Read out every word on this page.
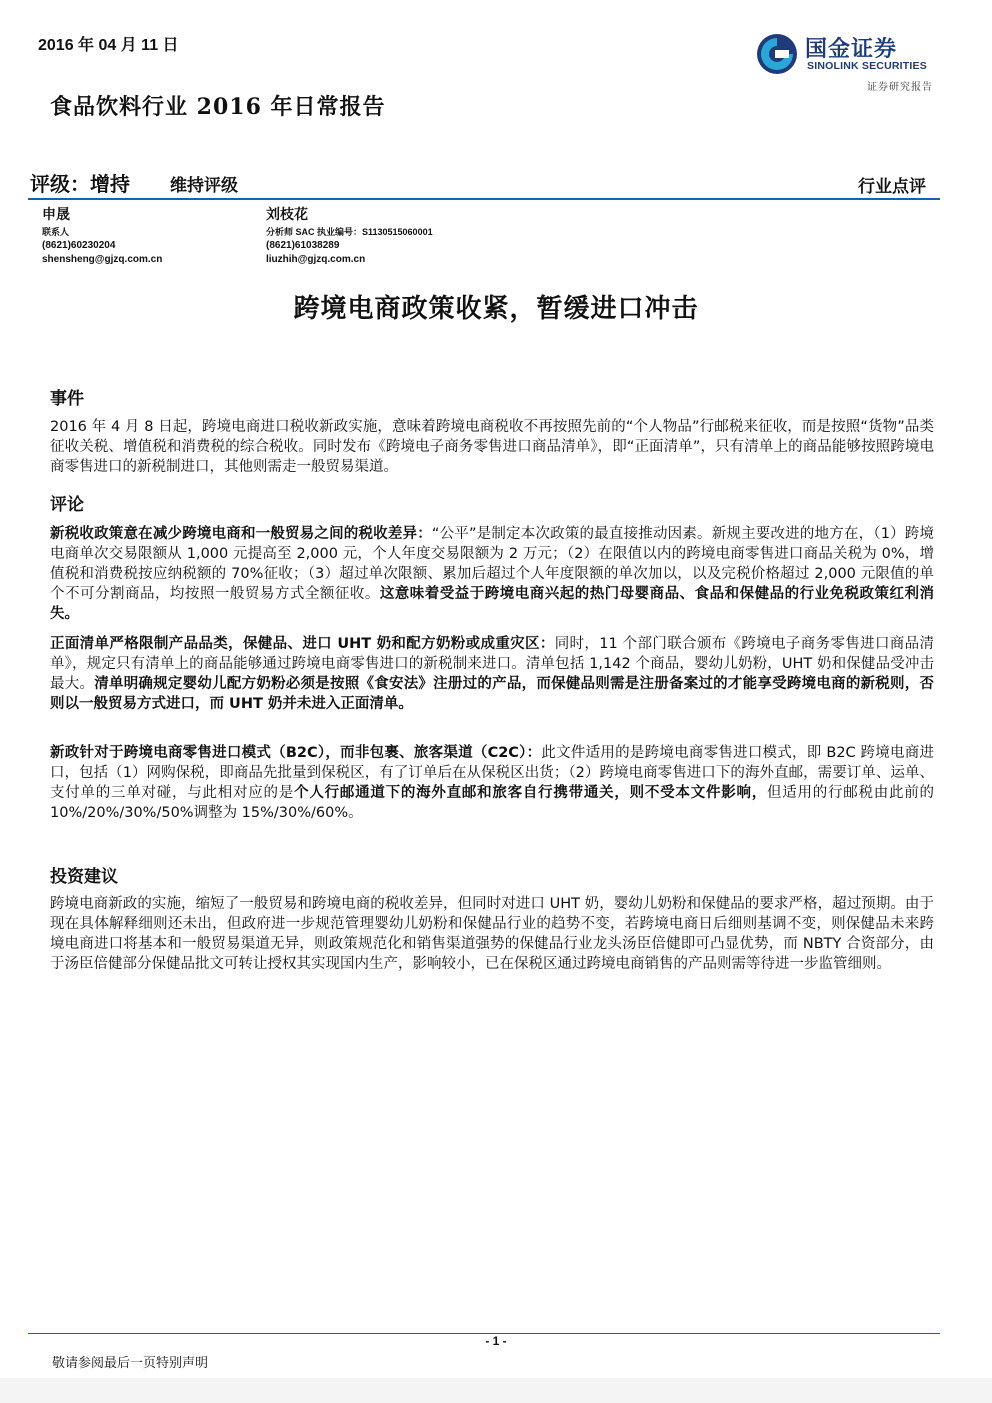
2016 年 04 月 11 日
食品饮料行业 2016 年日常报告
国金证券
SINOLINK SECURITIES
证券研究报告
评级：增持 维持评级	行业点评
申晟
联系人
(8621)60230204
shensheng@gjzq.com.cn
刘枝花
分析师 SAC 执业编号：S1130515060001
(8621)61038289
liuzhih@gjzq.com.cn
跨境电商政策收紧，暂缓进口冲击
事件
2016 年 4 月 8 日起，跨境电商进口税收新政实施，意味着跨境电商税收不再按照先前的“个人物品”行邮税来征收，而是按照“货物”品类征收关税、增值税和消费税的综合税收。同时发布《跨境电子商务零售进口商品清单》，即“正面清单”，只有清单上的商品能够按照跨境电商零售进口的新税制进口，其他则需走一般贸易渠道。
评论
新税收政策意在减少跨境电商和一般贸易之间的税收差异：“公平”是制定本次政策的最直接推动因素。新规主要改进的地方在，（1）跨境电商单次交易限额从 1,000 元提高至 2,000 元，个人年度交易限额为 2 万元；（2）在限值以内的跨境电商零售进口商品关税为 0%，增值税和消费税按应纳税额的 70%征收；（3）超过单次限额、累加后超过个人年度限额的单次加以，以及完税价格超过 2,000 元限值的单个不可分割商品，均按照一般贸易方式全额征收。这意味着受益于跨境电商兴起的热门母婴商品、食品和保健品的行业免税政策红利消失。
正面清单严格限制产品品类，保健品、进口 UHT 奶和配方奶粉或成重灾区：同时，11 个部门联合颁布《跨境电子商务零售进口商品清单》，规定只有清单上的商品能够通过跨境电商零售进口的新税制来进口。清单包括 1,142 个商品，婴幼儿奶粉，UHT 奶和保健品受冲击最大。清单明确规定婴幼儿配方奶粉必须是按照《食安法》注册过的产品，而保健品则需是注册备案过的才能享受跨境电商的新税则，否则以一般贸易方式进口，而 UHT 奶并未进入正面清单。
新政针对于跨境电商零售进口模式（B2C），而非包裹、旅客渠道（C2C）：此文件适用的是跨境电商零售进口模式，即 B2C 跨境电商进口，包括（1）网购保税，即商品先批量到保税区，有了订单后在从保税区出货；（2）跨境电商零售进口下的海外直邮，需要订单、运单、支付单的三单对碰，与此相对应的是个人行邮通道下的海外直邮和旅客自行携带通关，则不受本文件影响，但适用的行邮税由此前的 10%/20%/30%/50%调整为 15%/30%/60%。
投资建议
跨境电商新政的实施，缩短了一般贸易和跨境电商的税收差异，但同时对进口 UHT 奶，婴幼儿奶粉和保健品的要求严格，超过预期。由于现在具体解释细则还未出，但政府进一步规范管理婴幼儿奶粉和保健品行业的趋势不变，若跨境电商日后细则基调不变，则保健品未来跨境电商进口将基本和一般贸易渠道无异，则政策规范化和销售渠道强势的保健品行业龙头汤臣倍健即可凸显优势，而 NBTY 合资部分，由于汤臣倍健部分保健品批文可转让授权其实现国内生产，影响较小，已在保税区通过跨境电商销售的产品则需等待进一步监管细则。
- 1 -
敬请参阅最后一页特别声明
